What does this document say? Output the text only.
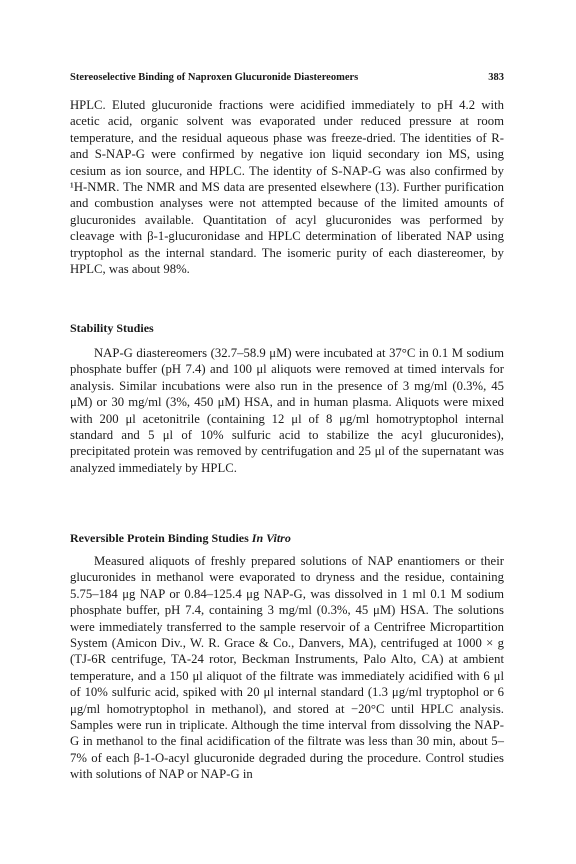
Stereoselective Binding of Naproxen Glucuronide Diastereomers	383

HPLC. Eluted glucuronide fractions were acidified immediately to pH 4.2 with acetic acid, organic solvent was evaporated under reduced pressure at room temperature, and the residual aqueous phase was freeze-dried. The identities of R- and S-NAP-G were confirmed by negative ion liquid secondary ion MS, using cesium as ion source, and HPLC. The identity of S-NAP-G was also confirmed by ¹H-NMR. The NMR and MS data are presented elsewhere (13). Further purification and combustion analyses were not attempted because of the limited amounts of glucuronides available. Quantitation of acyl glucuronides was performed by cleavage with β-1-glucuronidase and HPLC determination of liberated NAP using tryptophol as the internal standard. The isomeric purity of each diastereomer, by HPLC, was about 98%.

Stability Studies

NAP-G diastereomers (32.7–58.9 μM) were incubated at 37°C in 0.1 M sodium phosphate buffer (pH 7.4) and 100 μl aliquots were removed at timed intervals for analysis. Similar incubations were also run in the presence of 3 mg/ml (0.3%, 45 μM) or 30 mg/ml (3%, 450 μM) HSA, and in human plasma. Aliquots were mixed with 200 μl acetonitrile (containing 12 μl of 8 μg/ml homotryptophol internal standard and 5 μl of 10% sulfuric acid to stabilize the acyl glucuronides), precipitated protein was removed by centrifugation and 25 μl of the supernatant was analyzed immediately by HPLC.

Reversible Protein Binding Studies In Vitro

Measured aliquots of freshly prepared solutions of NAP enantiomers or their glucuronides in methanol were evaporated to dryness and the residue, containing 5.75–184 μg NAP or 0.84–125.4 μg NAP-G, was dissolved in 1 ml 0.1 M sodium phosphate buffer, pH 7.4, containing 3 mg/ml (0.3%, 45 μM) HSA. The solutions were immediately transferred to the sample reservoir of a Centrifree Micropartition System (Amicon Div., W. R. Grace & Co., Danvers, MA), centrifuged at 1000 × g (TJ-6R centrifuge, TA-24 rotor, Beckman Instruments, Palo Alto, CA) at ambient temperature, and a 150 μl aliquot of the filtrate was immediately acidified with 6 μl of 10% sulfuric acid, spiked with 20 μl internal standard (1.3 μg/ml tryptophol or 6 μg/ml homotryptophol in methanol), and stored at −20°C until HPLC analysis. Samples were run in triplicate. Although the time interval from dissolving the NAP-G in methanol to the final acidification of the filtrate was less than 30 min, about 5–7% of each β-1-O-acyl glucuronide degraded during the procedure. Control studies with solutions of NAP or NAP-G in
